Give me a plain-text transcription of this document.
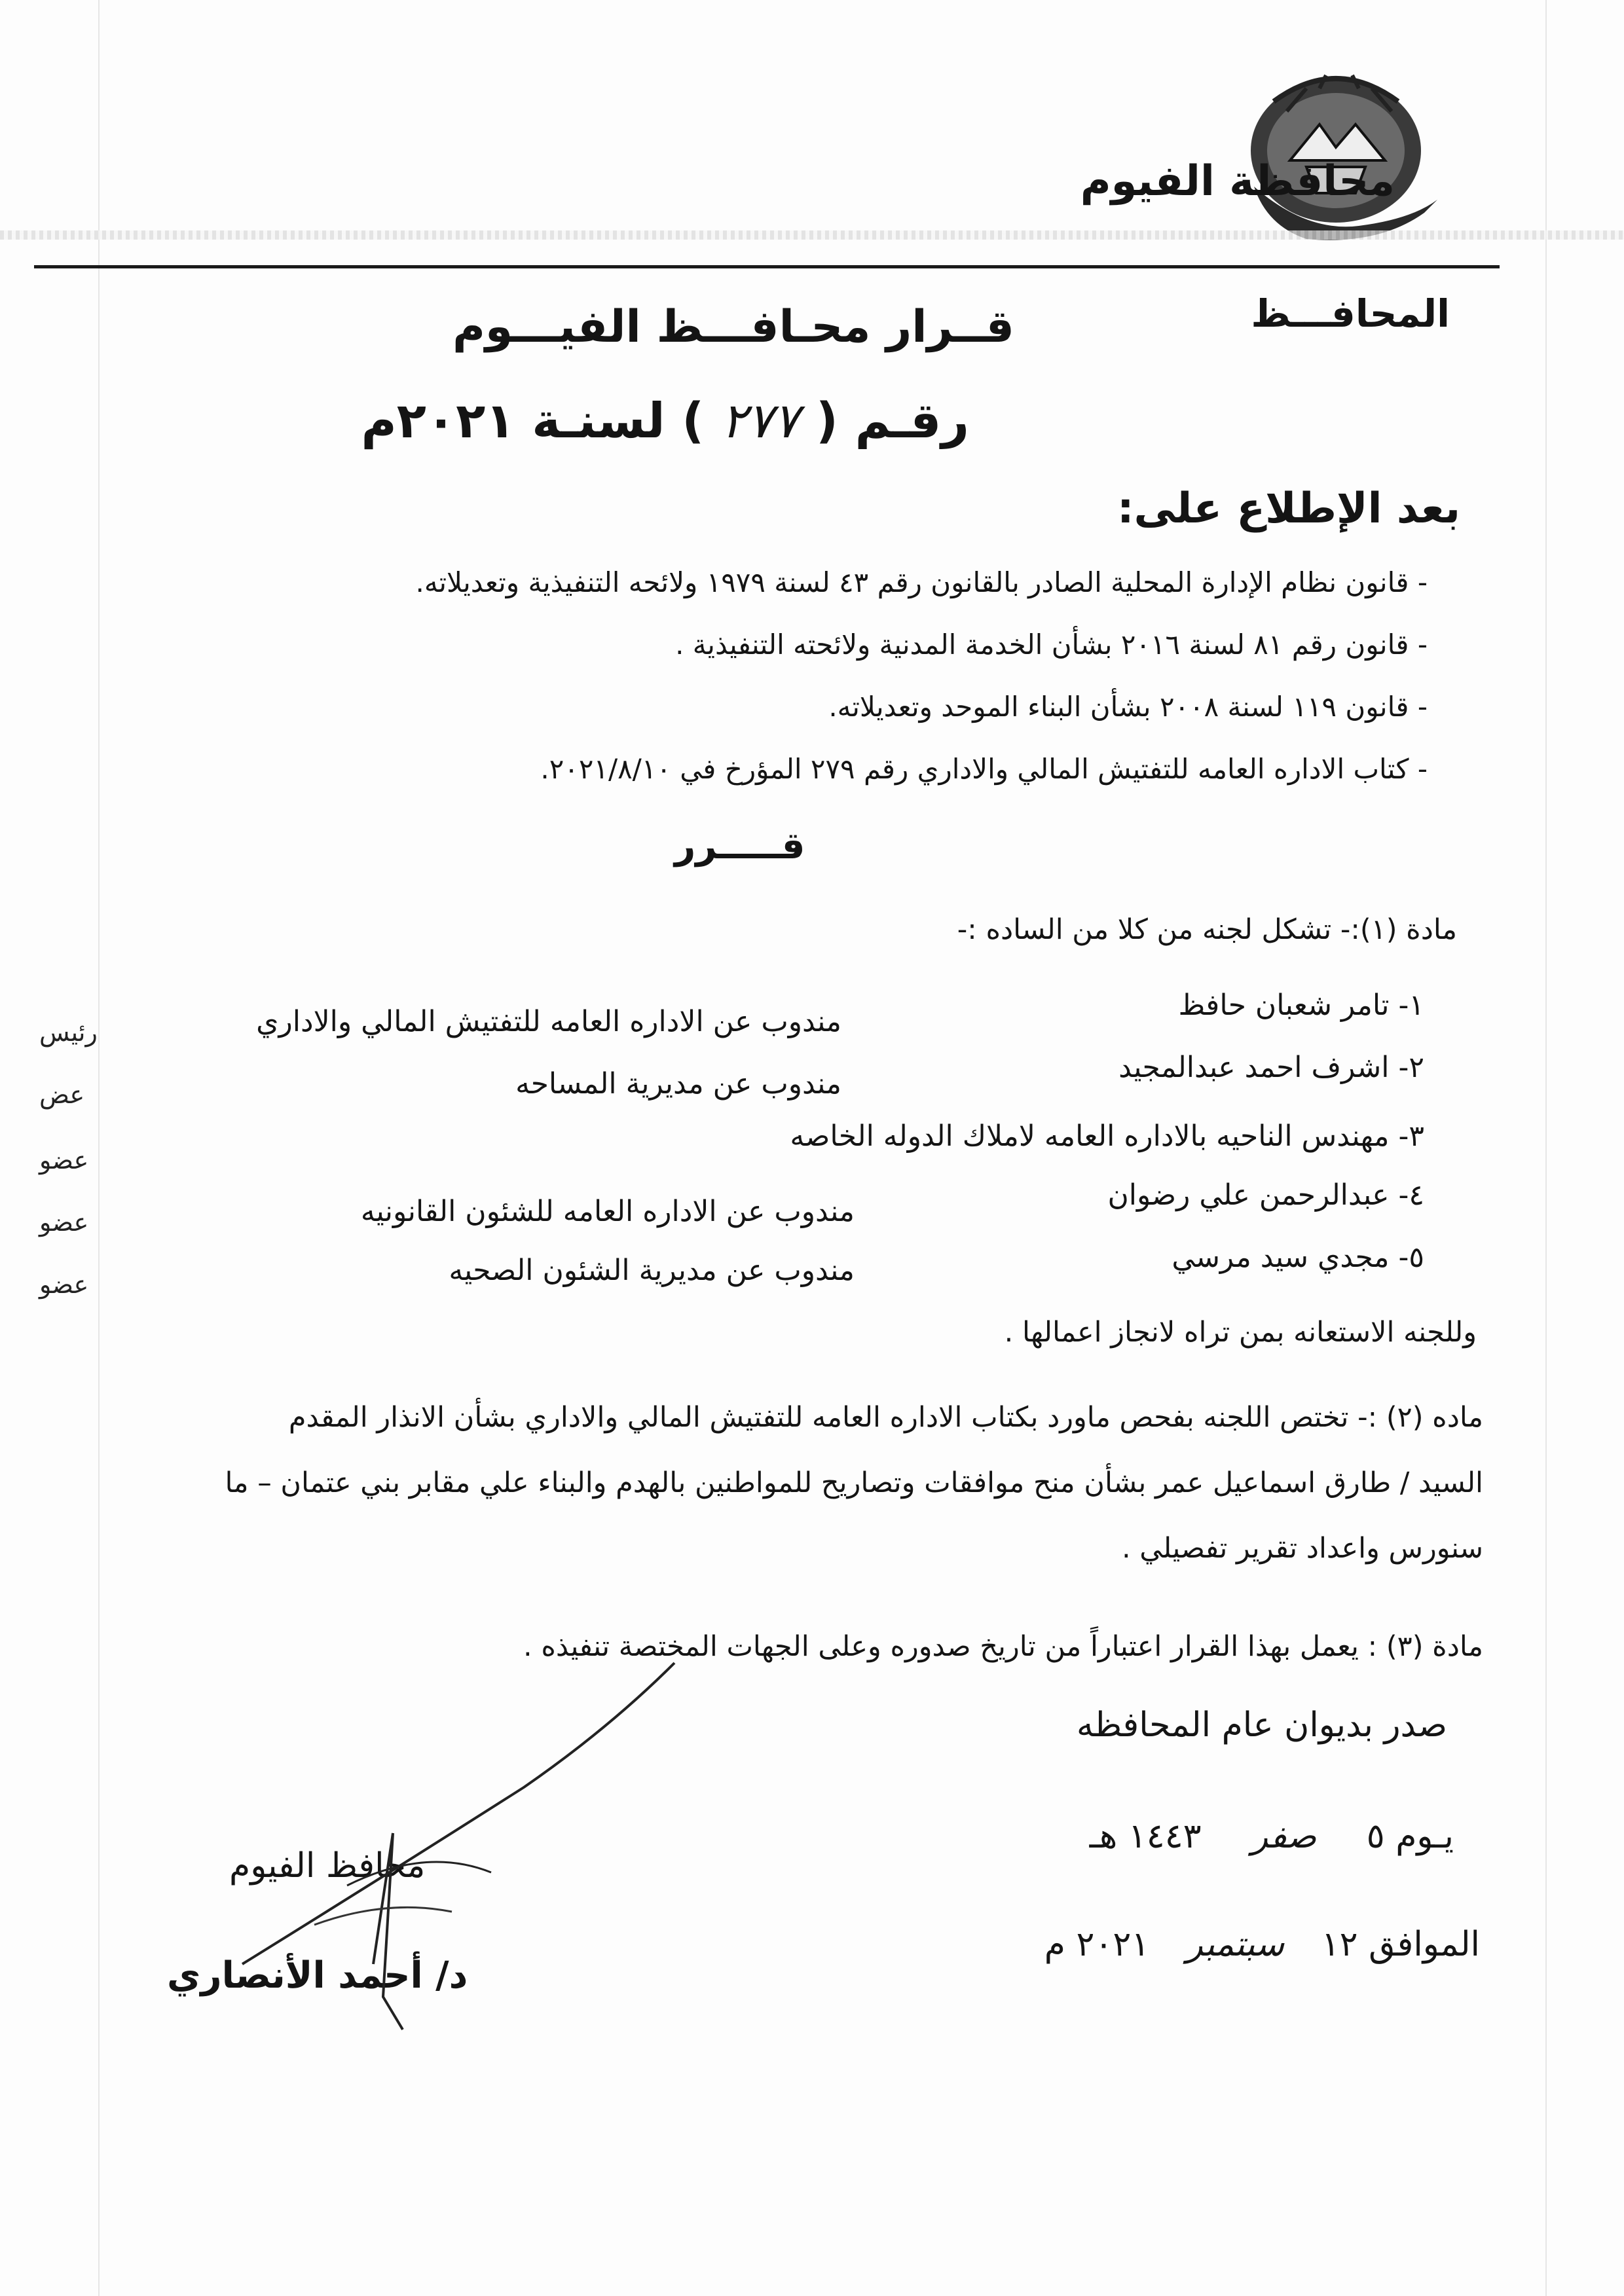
محافظة الفيوم
المحافـــظ
قــرار محـافـــظ الفيـــوم
رقـم ( ٢٧٧ ) لسنـة ٢٠٢١م
بعد الإطلاع على:
- قانون نظام الإدارة المحلية الصادر بالقانون رقم ٤٣ لسنة ١٩٧٩ ولائحه التنفيذية وتعديلاته.
- قانون رقم ٨١ لسنة ٢٠١٦ بشأن الخدمة المدنية ولائحته التنفيذية .
- قانون ١١٩ لسنة ٢٠٠٨ بشأن البناء الموحد وتعديلاته.
- كتاب الاداره العامه للتفتيش المالي والاداري رقم ٢٧٩ المؤرخ في ٢٠٢١/٨/١٠.
قـــــرر
مادة (١):- تشكل لجنه من كلا من الساده :-
١- تامر شعبان حافظ
مندوب عن الاداره العامه للتفتيش المالي والاداري
رئيس
٢- اشرف احمد عبدالمجيد
مندوب عن مديرية المساحه
عض
٣- مهندس الناحيه بالاداره العامه لاملاك الدوله الخاصه
عضو
٤- عبدالرحمن علي رضوان
مندوب عن الاداره العامه للشئون القانونيه
عضو
٥- مجدي سيد مرسي
مندوب عن مديرية الشئون الصحيه
عضو
وللجنه الاستعانه بمن تراه لانجاز اعمالها .
ماده (٢) :- تختص اللجنه بفحص ماورد بكتاب الاداره العامه للتفتيش المالي والاداري بشأن الانذار المقدم
السيد / طارق اسماعيل عمر بشأن منح موافقات وتصاريح للمواطنين بالهدم والبناء علي مقابر بني عتمان – ما
سنورس واعداد تقرير تفصيلي .
مادة (٣) : يعمل بهذا القرار اعتباراً من تاريخ صدوره وعلى الجهات المختصة تنفيذه .
صدر بديوان عام المحافظه
يـوم ٥ صفر ١٤٤٣ هـ
الموافق ١٢ سبتمبر ٢٠٢١ م
محافظ الفيوم
د/ أحمد الأنصاري
